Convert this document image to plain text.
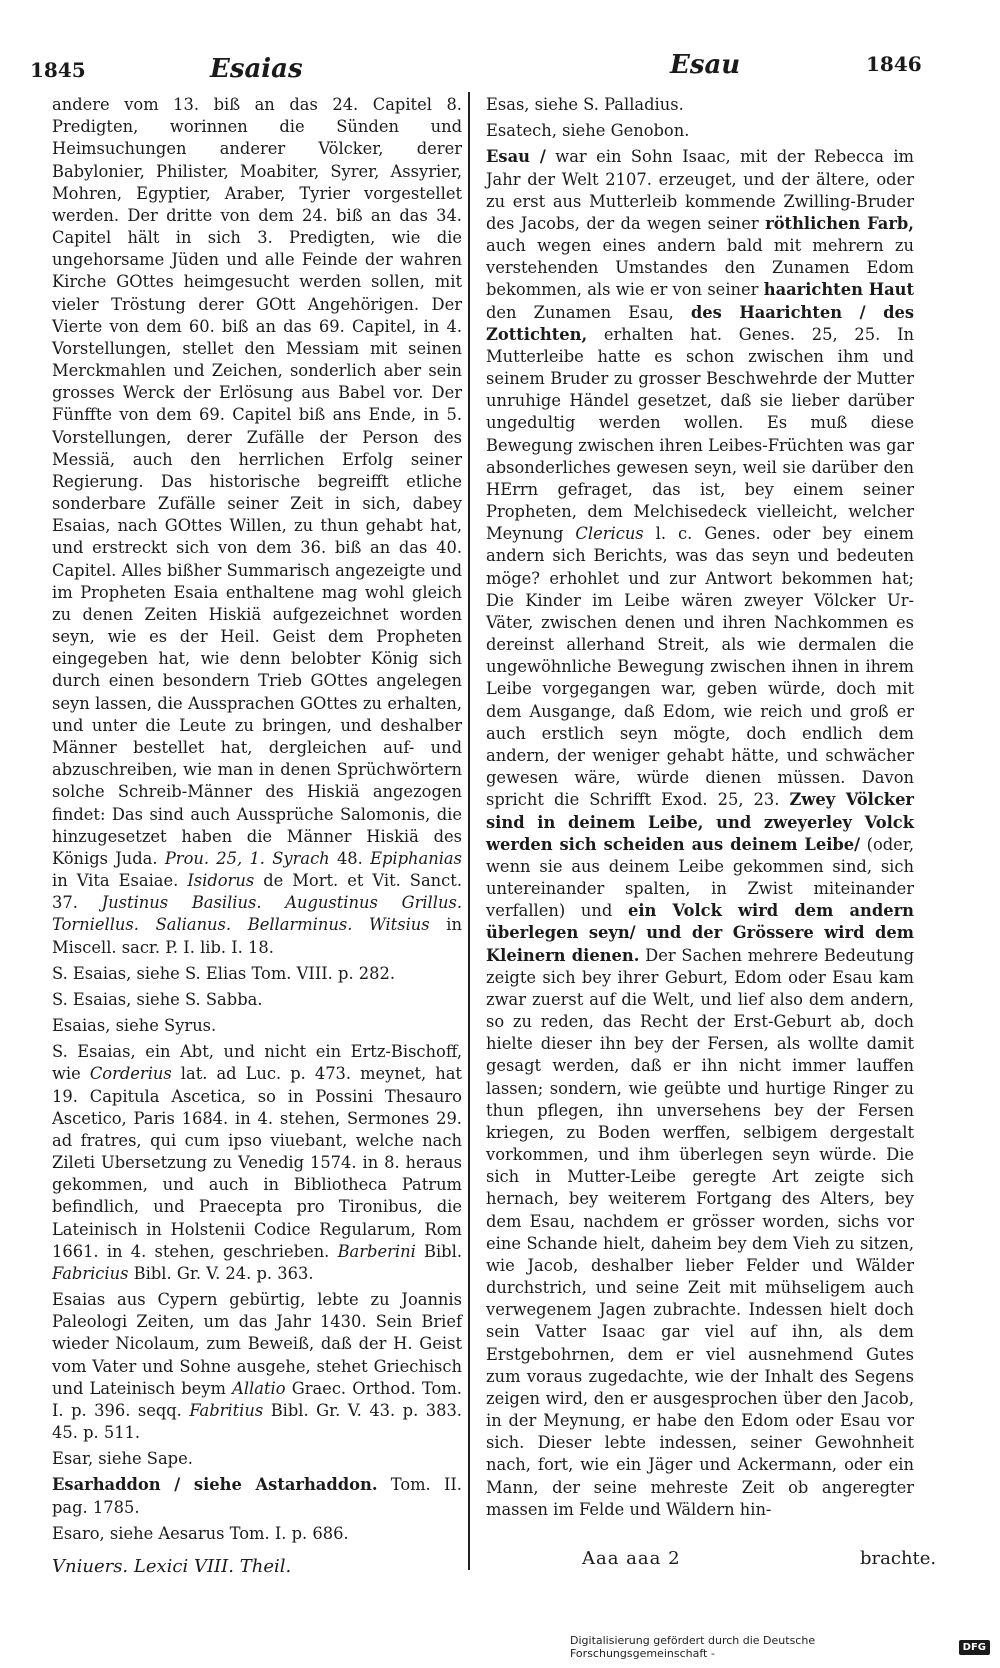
1845	Esaias	Esau	1846

andere vom 13. biß an das 24. Capitel 8. Predigten, worinnen die Sünden und Heimsuchungen anderer Völcker, derer Babylonier, Philister, Moabiter, Syrer, Assyrier, Mohren, Egyptier, Araber, Tyrier vorgestellet werden. Der dritte von dem 24. biß an das 34. Capitel hält in sich 3. Predigten, wie die ungehorsame Jüden und alle Feinde der wahren Kirche GOttes heimgesucht werden sollen, mit vieler Tröstung derer GOtt Angehörigen. Der Vierte von dem 60. biß an das 69. Capitel, in 4. Vorstellungen, stellet den Messiam mit seinen Merckmahlen und Zeichen, sonderlich aber sein grosses Werck der Erlösung aus Babel vor. Der Fünffte von dem 69. Capitel biß ans Ende, in 5. Vorstellungen, derer Zufälle der Person des Messiä, auch den herrlichen Erfolg seiner Regierung. Das historische begreifft etliche sonderbare Zufälle seiner Zeit in sich, dabey Esaias, nach GOttes Willen, zu thun gehabt hat, und erstreckt sich von dem 36. biß an das 40. Capitel. Alles bißher Summarisch angezeigte und im Propheten Esaia enthaltene mag wohl gleich zu denen Zeiten Hiskiä aufgezeichnet worden seyn, wie es der Heil. Geist dem Propheten eingegeben hat, wie denn belobter König sich durch einen besondern Trieb GOttes angelegen seyn lassen, die Aussprachen GOttes zu erhalten, und unter die Leute zu bringen, und deshalber Männer bestellet hat, dergleichen auf- und abzuschreiben, wie man in denen Sprüchwörtern solche Schreib-Männer des Hiskiä angezogen findet: Das sind auch Aussprüche Salomonis, die hinzugesetzet haben die Männer Hiskiä des Königs Juda. Prou. 25, 1. Syrach 48. Epiphanias in Vita Esaiae. Isidorus de Mort. et Vit. Sanct. 37. Justinus Basilius. Augustinus Grillus. Torniellus. Salianus. Bellarminus. Witsius in Miscell. sacr. P. I. lib. I. 18.

S. Esaias, siehe S. Elias Tom. VIII. p. 282.

S. Esaias, siehe S. Sabba.

Esaias, siehe Syrus.

S. Esaias, ein Abt, und nicht ein Ertz-Bischoff, wie Corderius lat. ad Luc. p. 473. meynet, hat 19. Capitula Ascetica, so in Possini Thesauro Ascetico, Paris 1684. in 4. stehen, Sermones 29. ad fratres, qui cum ipso viuebant, welche nach Zileti Ubersetzung zu Venedig 1574. in 8. heraus gekommen, und auch in Bibliotheca Patrum befindlich, und Praecepta pro Tironibus, die Lateinisch in Holstenii Codice Regularum, Rom 1661. in 4. stehen, geschrieben. Barberini Bibl. Fabricius Bibl. Gr. V. 24. p. 363.

Esaias aus Cypern gebürtig, lebte zu Joannis Paleologi Zeiten, um das Jahr 1430. Sein Brief wieder Nicolaum, zum Beweiß, daß der H. Geist vom Vater und Sohne ausgehe, stehet Griechisch und Lateinisch beym Allatio Graec. Orthod. Tom. I. p. 396. seqq. Fabritius Bibl. Gr. V. 43. p. 383. 45. p. 511.

Esar, siehe Sape.

Esarhaddon / siehe Astarhaddon. Tom. II. pag. 1785.

Esaro, siehe Aesarus Tom. I. p. 686.

Esas, siehe S. Palladius.

Esatech, siehe Genobon.

Esau / war ein Sohn Isaac, mit der Rebecca im Jahr der Welt 2107. erzeuget, und der ältere, oder zu erst aus Mutterleib kommende Zwilling-Bruder des Jacobs, der da wegen seiner röthlichen Farb, auch wegen eines andern bald mit mehrern zu verstehenden Umstandes den Zunamen Edom bekommen, als wie er von seiner haarichten Haut den Zunamen Esau, des Haarichten / des Zottichten, erhalten hat. Genes. 25, 25. In Mutterleibe hatte es schon zwischen ihm und seinem Bruder zu grosser Beschwehrde der Mutter unruhige Händel gesetzet, daß sie lieber darüber ungedultig werden wollen. Es muß diese Bewegung zwischen ihren Leibes-Früchten was gar absonderliches gewesen seyn, weil sie darüber den HErrn gefraget, das ist, bey einem seiner Propheten, dem Melchisedeck vielleicht, welcher Meynung Clericus l. c. Genes. oder bey einem andern sich Berichts, was das seyn und bedeuten möge? erhohlet und zur Antwort bekommen hat; Die Kinder im Leibe wären zweyer Völcker Ur-Väter, zwischen denen und ihren Nachkommen es dereinst allerhand Streit, als wie dermalen die ungewöhnliche Bewegung zwischen ihnen in ihrem Leibe vorgegangen war, geben würde, doch mit dem Ausgange, daß Edom, wie reich und groß er auch erstlich seyn mögte, doch endlich dem andern, der weniger gehabt hätte, und schwächer gewesen wäre, würde dienen müssen. Davon spricht die Schrifft Exod. 25, 23. Zwey Völcker sind in deinem Leibe, und zweyerley Volck werden sich scheiden aus deinem Leibe/ (oder, wenn sie aus deinem Leibe gekommen sind, sich untereinander spalten, in Zwist miteinander verfallen) und ein Volck wird dem andern überlegen seyn/ und der Grössere wird dem Kleinern dienen. Der Sachen mehrere Bedeutung zeigte sich bey ihrer Geburt, Edom oder Esau kam zwar zuerst auf die Welt, und lief also dem andern, so zu reden, das Recht der Erst-Geburt ab, doch hielte dieser ihn bey der Fersen, als wollte damit gesagt werden, daß er ihn nicht immer lauffen lassen; sondern, wie geübte und hurtige Ringer zu thun pflegen, ihn unversehens bey der Fersen kriegen, zu Boden werffen, selbigem dergestalt vorkommen, und ihm überlegen seyn würde. Die sich in Mutter-Leibe geregte Art zeigte sich hernach, bey weiterem Fortgang des Alters, bey dem Esau, nachdem er grösser worden, sichs vor eine Schande hielt, daheim bey dem Vieh zu sitzen, wie Jacob, deshalber lieber Felder und Wälder durchstrich, und seine Zeit mit mühseligem auch verwegenem Jagen zubrachte. Indessen hielt doch sein Vatter Isaac gar viel auf ihn, als dem Erstgebohrnen, dem er viel ausnehmend Gutes zum voraus zugedachte, wie der Inhalt des Segens zeigen wird, den er ausgesprochen über den Jacob, in der Meynung, er habe den Edom oder Esau vor sich. Dieser lebte indessen, seiner Gewohnheit nach, fort, wie ein Jäger und Ackermann, oder ein Mann, der seine mehreste Zeit ob angeregter massen im Felde und Wäldern hin-

Vniuers. Lexici VIII. Theil.	Aaa aaa 2	brachte.
Digitalisierung gefördert durch die Deutsche Forschungsgemeinschaft -	DFG
